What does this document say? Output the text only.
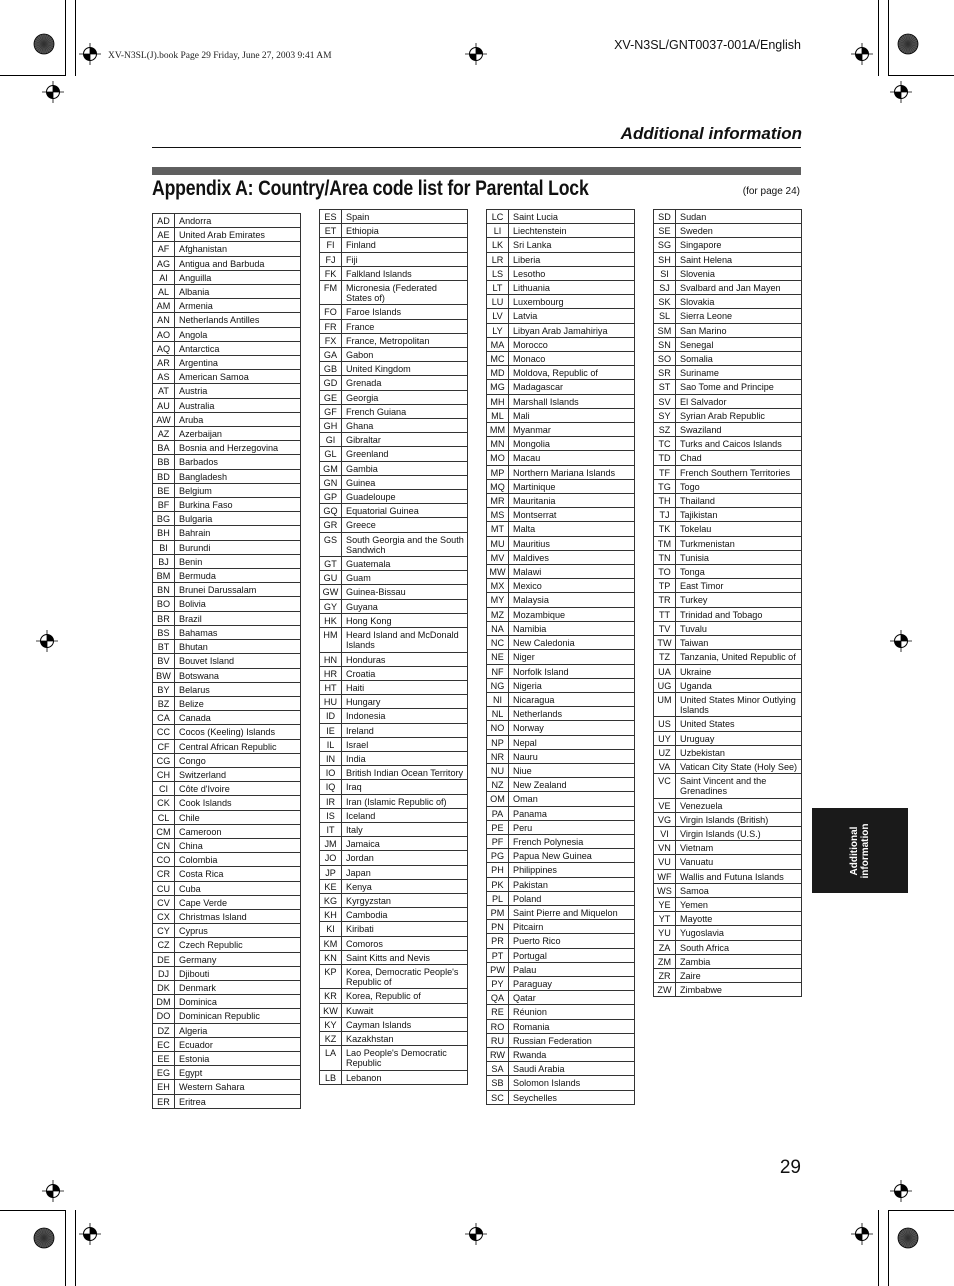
XV-N3SL(J).book Page 29 Friday, June 27, 2003 9:41 AM
XV-N3SL/GNT0037-001A/English
Additional information
Appendix A: Country/Area code list for Parental Lock	(for page 24)
AD	Andorra
AE	United Arab Emirates
AF	Afghanistan
AG	Antigua and Barbuda
AI	Anguilla
AL	Albania
AM	Armenia
AN	Netherlands Antilles
AO	Angola
AQ	Antarctica
AR	Argentina
AS	American Samoa
AT	Austria
AU	Australia
AW	Aruba
AZ	Azerbaijan
BA	Bosnia and Herzegovina
BB	Barbados
BD	Bangladesh
BE	Belgium
BF	Burkina Faso
BG	Bulgaria
BH	Bahrain
BI	Burundi
BJ	Benin
BM	Bermuda
BN	Brunei Darussalam
BO	Bolivia
BR	Brazil
BS	Bahamas
BT	Bhutan
BV	Bouvet Island
BW	Botswana
BY	Belarus
BZ	Belize
CA	Canada
CC	Cocos (Keeling) Islands
CF	Central African Republic
CG	Congo
CH	Switzerland
CI	Côte d'Ivoire
CK	Cook Islands
CL	Chile
CM	Cameroon
CN	China
CO	Colombia
CR	Costa Rica
CU	Cuba
CV	Cape Verde
CX	Christmas Island
CY	Cyprus
CZ	Czech Republic
DE	Germany
DJ	Djibouti
DK	Denmark
DM	Dominica
DO	Dominican Republic
DZ	Algeria
EC	Ecuador
EE	Estonia
EG	Egypt
EH	Western Sahara
ER	Eritrea
ES	Spain
ET	Ethiopia
FI	Finland
FJ	Fiji
FK	Falkland Islands
FM	Micronesia (Federated States of)
FO	Faroe Islands
FR	France
FX	France, Metropolitan
GA	Gabon
GB	United Kingdom
GD	Grenada
GE	Georgia
GF	French Guiana
GH	Ghana
GI	Gibraltar
GL	Greenland
GM	Gambia
GN	Guinea
GP	Guadeloupe
GQ	Equatorial Guinea
GR	Greece
GS	South Georgia and the South Sandwich
GT	Guatemala
GU	Guam
GW	Guinea-Bissau
GY	Guyana
HK	Hong Kong
HM	Heard Island and McDonald Islands
HN	Honduras
HR	Croatia
HT	Haiti
HU	Hungary
ID	Indonesia
IE	Ireland
IL	Israel
IN	India
IO	British Indian Ocean Territory
IQ	Iraq
IR	Iran (Islamic Republic of)
IS	Iceland
IT	Italy
JM	Jamaica
JO	Jordan
JP	Japan
KE	Kenya
KG	Kyrgyzstan
KH	Cambodia
KI	Kiribati
KM	Comoros
KN	Saint Kitts and Nevis
KP	Korea, Democratic People's Republic of
KR	Korea, Republic of
KW	Kuwait
KY	Cayman Islands
KZ	Kazakhstan
LA	Lao People's Democratic Republic
LB	Lebanon
LC	Saint Lucia
LI	Liechtenstein
LK	Sri Lanka
LR	Liberia
LS	Lesotho
LT	Lithuania
LU	Luxembourg
LV	Latvia
LY	Libyan Arab Jamahiriya
MA	Morocco
MC	Monaco
MD	Moldova, Republic of
MG	Madagascar
MH	Marshall Islands
ML	Mali
MM	Myanmar
MN	Mongolia
MO	Macau
MP	Northern Mariana Islands
MQ	Martinique
MR	Mauritania
MS	Montserrat
MT	Malta
MU	Mauritius
MV	Maldives
MW	Malawi
MX	Mexico
MY	Malaysia
MZ	Mozambique
NA	Namibia
NC	New Caledonia
NE	Niger
NF	Norfolk Island
NG	Nigeria
NI	Nicaragua
NL	Netherlands
NO	Norway
NP	Nepal
NR	Nauru
NU	Niue
NZ	New Zealand
OM	Oman
PA	Panama
PE	Peru
PF	French Polynesia
PG	Papua New Guinea
PH	Philippines
PK	Pakistan
PL	Poland
PM	Saint Pierre and Miquelon
PN	Pitcairn
PR	Puerto Rico
PT	Portugal
PW	Palau
PY	Paraguay
QA	Qatar
RE	Réunion
RO	Romania
RU	Russian Federation
RW	Rwanda
SA	Saudi Arabia
SB	Solomon Islands
SC	Seychelles
SD	Sudan
SE	Sweden
SG	Singapore
SH	Saint Helena
SI	Slovenia
SJ	Svalbard and Jan Mayen
SK	Slovakia
SL	Sierra Leone
SM	San Marino
SN	Senegal
SO	Somalia
SR	Suriname
ST	Sao Tome and Principe
SV	El Salvador
SY	Syrian Arab Republic
SZ	Swaziland
TC	Turks and Caicos Islands
TD	Chad
TF	French Southern Territories
TG	Togo
TH	Thailand
TJ	Tajikistan
TK	Tokelau
TM	Turkmenistan
TN	Tunisia
TO	Tonga
TP	East Timor
TR	Turkey
TT	Trinidad and Tobago
TV	Tuvalu
TW	Taiwan
TZ	Tanzania, United Republic of
UA	Ukraine
UG	Uganda
UM	United States Minor Outlying Islands
US	United States
UY	Uruguay
UZ	Uzbekistan
VA	Vatican City State (Holy See)
VC	Saint Vincent and the Grenadines
VE	Venezuela
VG	Virgin Islands (British)
VI	Virgin Islands (U.S.)
VN	Vietnam
VU	Vanuatu
WF	Wallis and Futuna Islands
WS	Samoa
YE	Yemen
YT	Mayotte
YU	Yugoslavia
ZA	South Africa
ZM	Zambia
ZR	Zaire
ZW	Zimbabwe
Additional information
29
